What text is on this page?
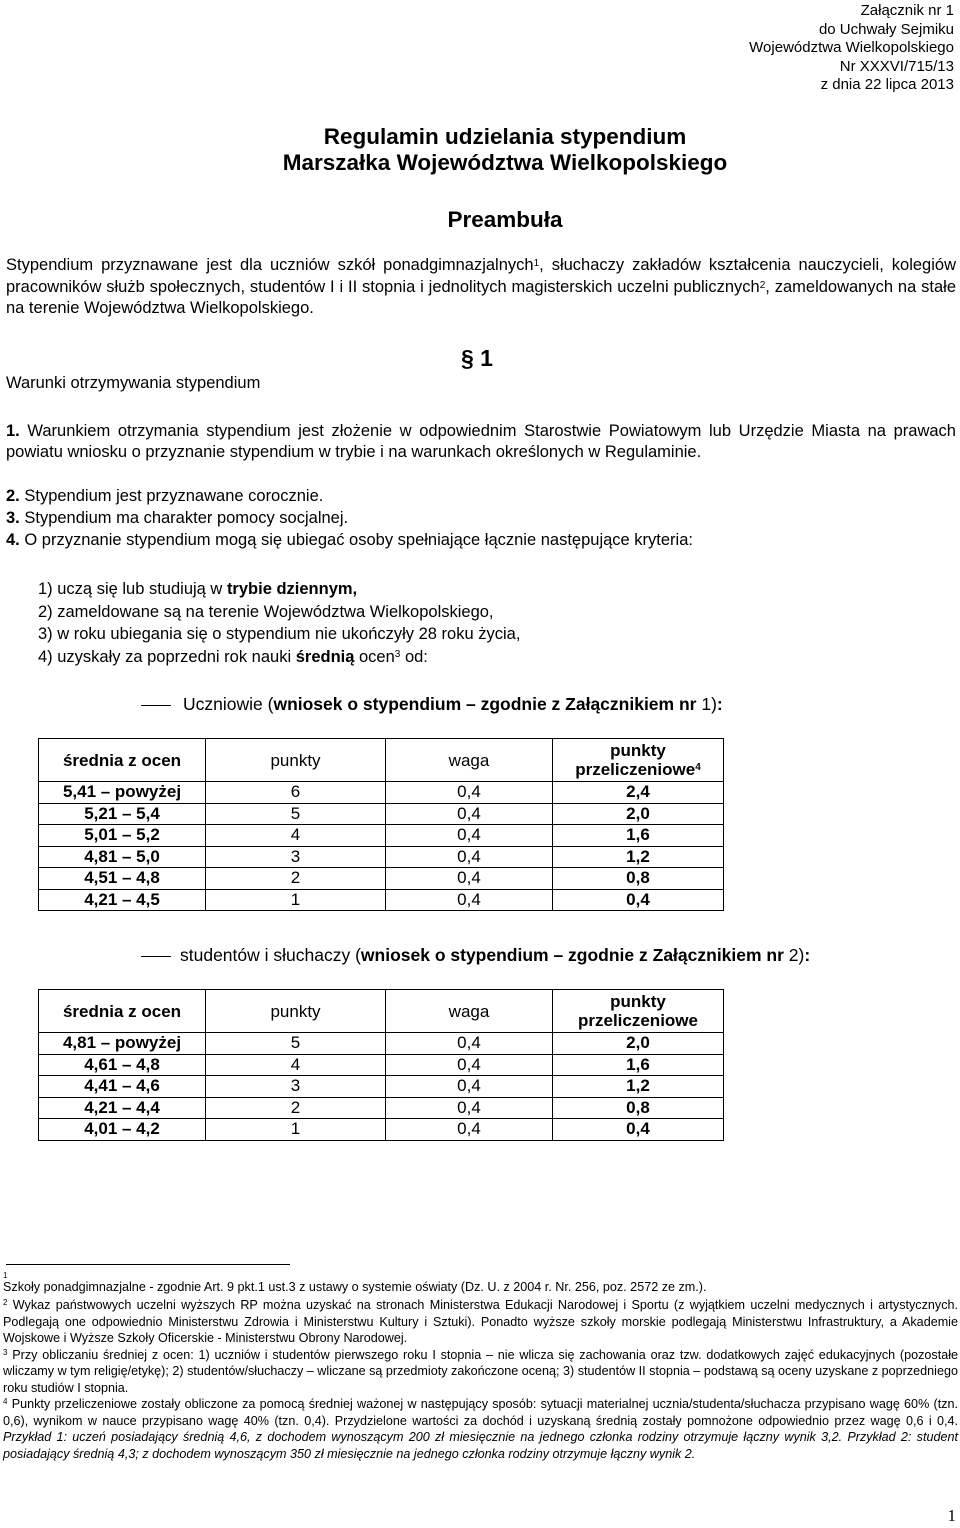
Załącznik nr 1
do Uchwały Sejmiku
Województwa Wielkopolskiego
Nr XXXVI/715/13
z dnia 22 lipca 2013
Regulamin udzielania stypendium
Marszałka Województwa Wielkopolskiego
Preambuła
Stypendium przyznawane jest dla uczniów szkół ponadgimnazjalnych$^1$, słuchaczy zakładów kształcenia nauczycieli, kolegiów pracowników służb społecznych, studentów I i II stopnia i jednolitych magisterskich uczelni publicznych$^2$, zameldowanych na stałe na terenie Województwa Wielkopolskiego.
§ 1
Warunki otrzymywania stypendium
1. Warunkiem otrzymania stypendium jest złożenie w odpowiednim Starostwie Powiatowym lub Urzędzie Miasta na prawach powiatu wniosku o przyznanie stypendium w trybie i na warunkach określonych w Regulaminie.
2. Stypendium jest przyznawane corocznie.
3. Stypendium ma charakter pomocy socjalnej.
4. O przyznanie stypendium mogą się ubiegać osoby spełniające łącznie następujące kryteria:
1) uczą się lub studiują w trybie dziennym,
2) zameldowane są na terenie Województwa Wielkopolskiego,
3) w roku ubiegania się o stypendium nie ukończyły 28 roku życia,
4) uzyskały za poprzedni rok nauki średnią ocen$^3$ od:
Uczniowie (wniosek o stypendium – zgodnie z Załącznikiem nr 1):
średnia z ocen	punkty	waga	punkty
przeliczeniowe$^4$
5,41 – powyżej	6	0,4	2,4
5,21 – 5,4	5	0,4	2,0
5,01 – 5,2	4	0,4	1,6
4,81 – 5,0	3	0,4	1,2
4,51 – 4,8	2	0,4	0,8
4,21 – 4,5	1	0,4	0,4
studentów i słuchaczy (wniosek o stypendium – zgodnie z Załącznikiem nr 2):
średnia z ocen	punkty	waga	punkty
przeliczeniowe
4,81 – powyżej	5	0,4	2,0
4,61 – 4,8	4	0,4	1,6
4,41 – 4,6	3	0,4	1,2
4,21 – 4,4	2	0,4	0,8
4,01 – 4,2	1	0,4	0,4
$^1$
Szkoły ponadgimnazjalne - zgodnie Art. 9 pkt.1 ust.3 z ustawy o systemie oświaty (Dz. U. z 2004 r. Nr. 256, poz. 2572 ze zm.).
$^2$ Wykaz państwowych uczelni wyższych RP można uzyskać na stronach Ministerstwa Edukacji Narodowej i Sportu (z wyjątkiem uczelni medycznych i artystycznych. Podlegają one odpowiednio Ministerstwu Zdrowia i Ministerstwu Kultury i Sztuki). Ponadto wyższe szkoły morskie podlegają Ministerstwu Infrastruktury, a Akademie Wojskowe i Wyższe Szkoły Oficerskie - Ministerstwu Obrony Narodowej.
$^3$ Przy obliczaniu średniej z ocen: 1) uczniów i studentów pierwszego roku I stopnia – nie wlicza się zachowania oraz tzw. dodatkowych zajęć edukacyjnych (pozostałe wliczamy w tym religię/etykę); 2) studentów/słuchaczy – wliczane są przedmioty zakończone oceną; 3) studentów II stopnia – podstawą są oceny uzyskane z poprzedniego roku studiów I stopnia.
$^4$ Punkty przeliczeniowe zostały obliczone za pomocą średniej ważonej w następujący sposób: sytuacji materialnej ucznia/studenta/słuchacza przypisano wagę 60% (tzn. 0,6), wynikom w nauce przypisano wagę 40% (tzn. 0,4). Przydzielone wartości za dochód i uzyskaną średnią zostały pomnożone odpowiednio przez wagę 0,6 i 0,4. Przykład 1: uczeń posiadający średnią 4,6, z dochodem wynoszącym 200 zł miesięcznie na jednego członka rodziny otrzymuje łączny wynik 3,2. Przykład 2: student posiadający średnią 4,3; z dochodem wynoszącym 350 zł miesięcznie na jednego członka rodziny otrzymuje łączny wynik 2.
1
